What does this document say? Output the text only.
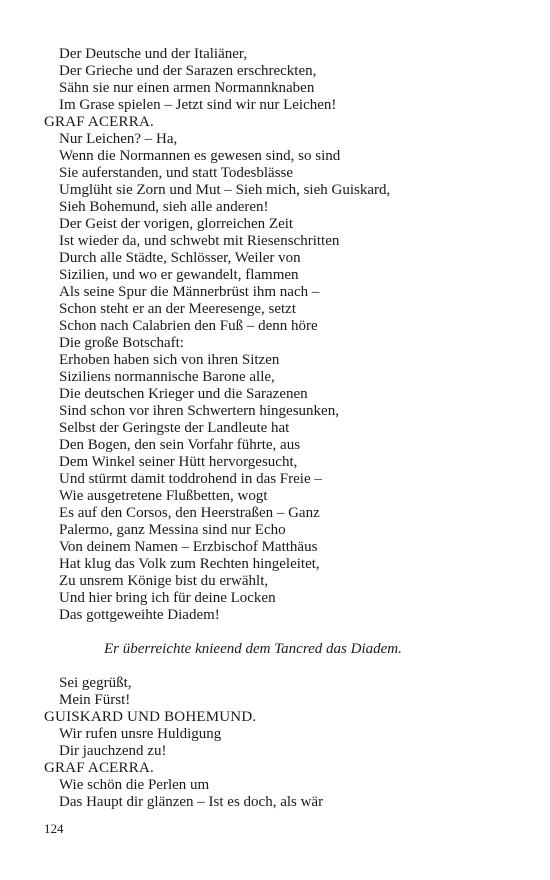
Der Deutsche und der Italiäner,
Der Grieche und der Sarazen erschreckten,
Sähn sie nur einen armen Normannknaben
Im Grase spielen – Jetzt sind wir nur Leichen!
GRAF ACERRA.
Nur Leichen? – Ha,
Wenn die Normannen es gewesen sind, so sind
Sie auferstanden, und statt Todesblässe
Umglüht sie Zorn und Mut – Sieh mich, sieh Guiskard,
Sieh Bohemund, sieh alle anderen!
Der Geist der vorigen, glorreichen Zeit
Ist wieder da, und schwebt mit Riesenschritten
Durch alle Städte, Schlösser, Weiler von
Sizilien, und wo er gewandelt, flammen
Als seine Spur die Männerbrüst ihm nach –
Schon steht er an der Meeresenge, setzt
Schon nach Calabrien den Fuß – denn höre
Die große Botschaft:
Erhoben haben sich von ihren Sitzen
Siziliens normannische Barone alle,
Die deutschen Krieger und die Sarazenen
Sind schon vor ihren Schwertern hingesunken,
Selbst der Geringste der Landleute hat
Den Bogen, den sein Vorfahr führte, aus
Dem Winkel seiner Hütt hervorgesucht,
Und stürmt damit toddrohend in das Freie –
Wie ausgetretene Flußbetten, wogt
Es auf den Corsos, den Heerstraßen – Ganz
Palermo, ganz Messina sind nur Echo
Von deinem Namen – Erzbischof Matthäus
Hat klug das Volk zum Rechten hingeleitet,
Zu unsrem Könige bist du erwählt,
Und hier bring ich für deine Locken
Das gottgeweihte Diadem!
Er überreichte knieend dem Tancred das Diadem.
Sei gegrüßt,
Mein Fürst!
GUISKARD UND BOHEMUND.
Wir rufen unsre Huldigung
Dir jauchzend zu!
GRAF ACERRA.
Wie schön die Perlen um
Das Haupt dir glänzen – Ist es doch, als wär
124
